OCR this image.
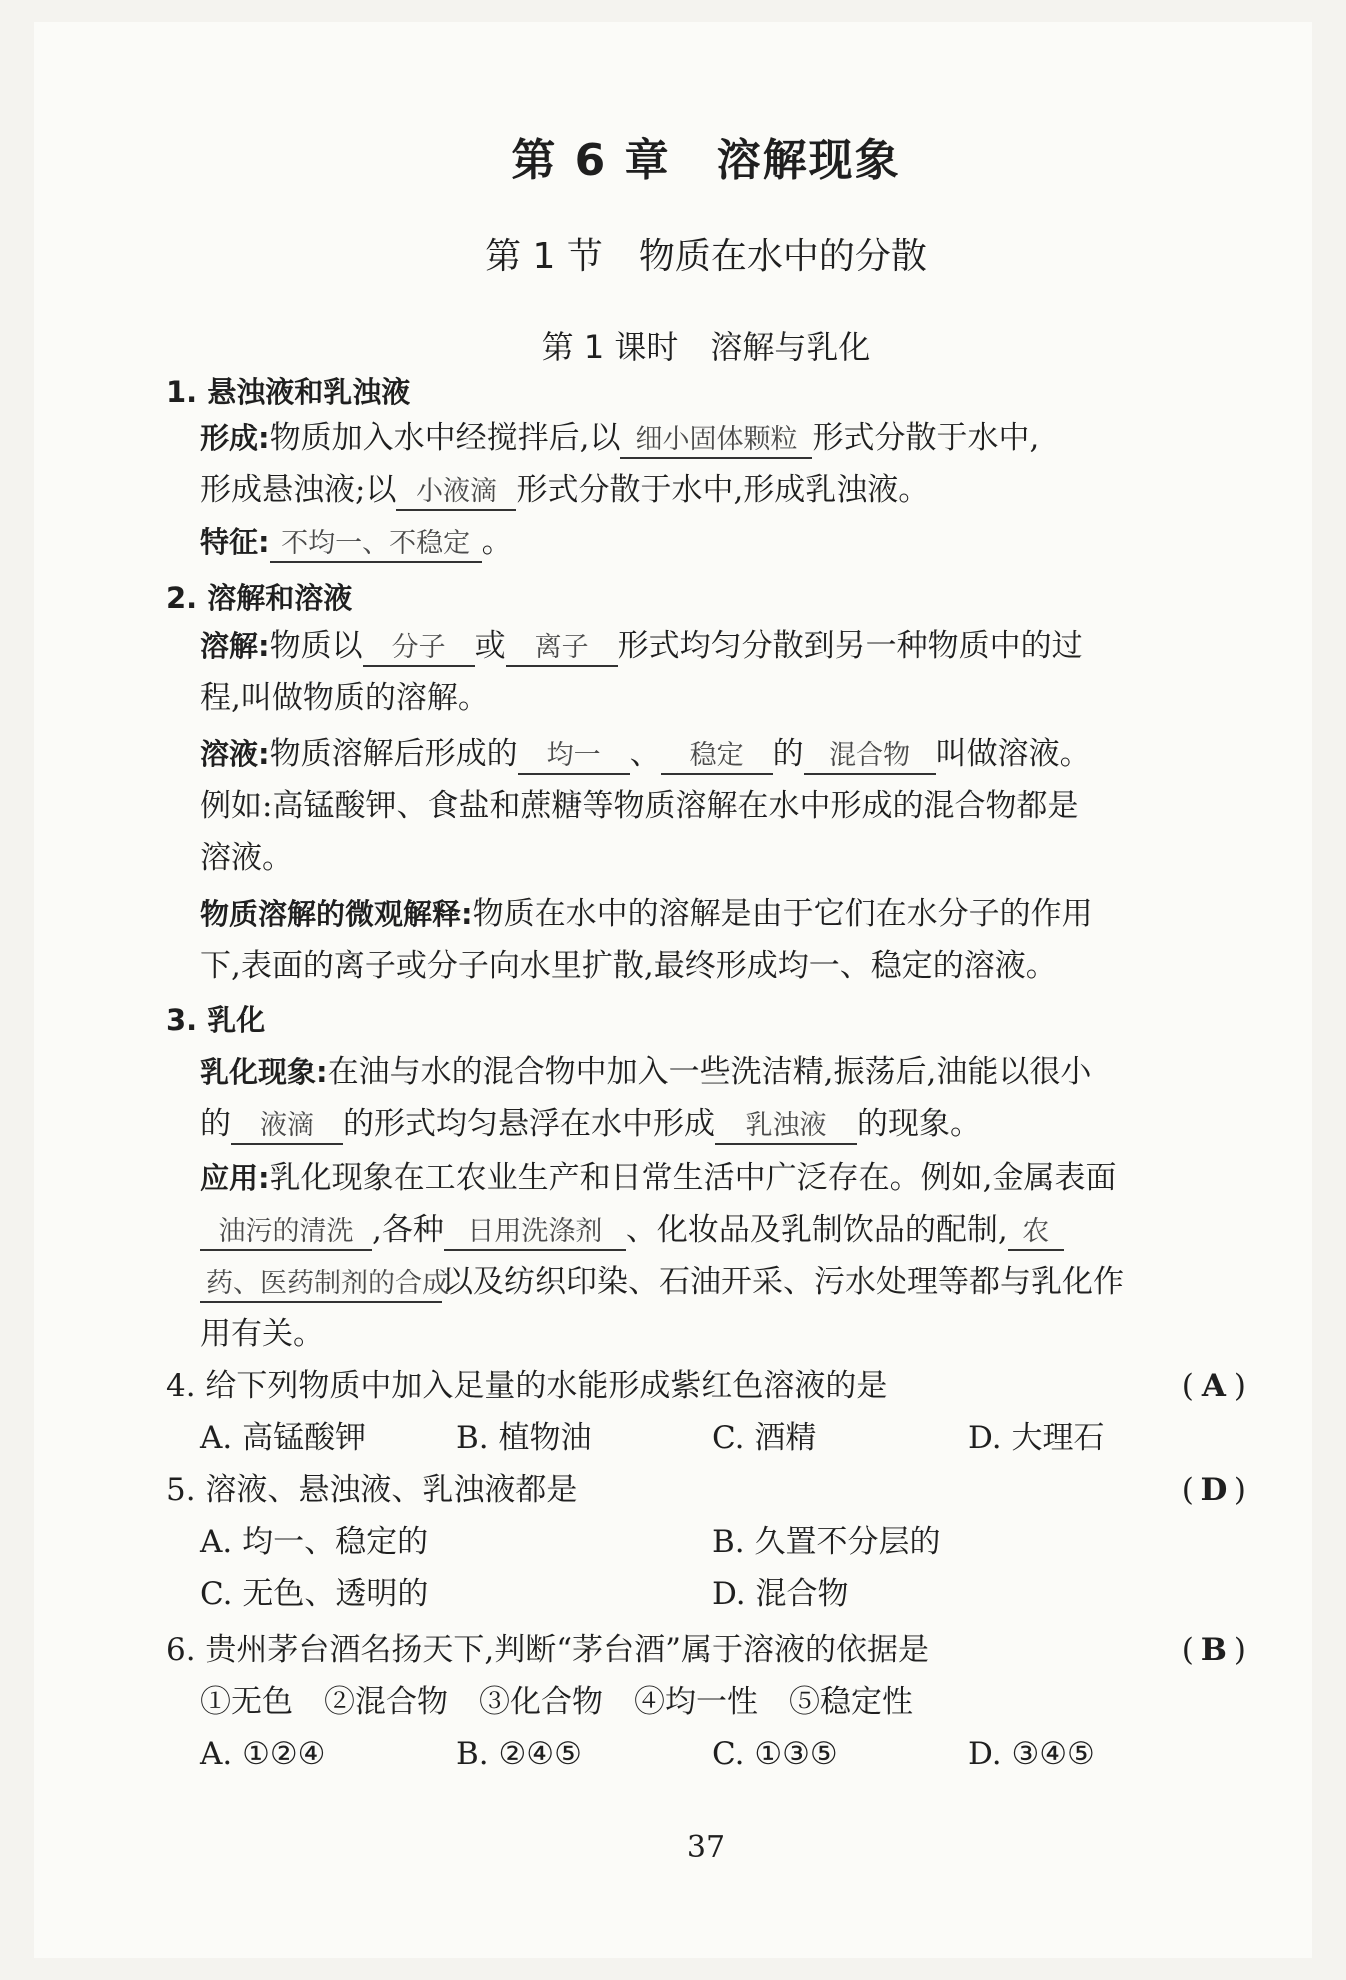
第 6 章　溶解现象
第 1 节　物质在水中的分散
第 1 课时　溶解与乳化
1. 悬浊液和乳浊液
形成:物质加入水中经搅拌后,以 细小固体颗粒 形式分散于水中,
形成悬浊液;以 小液滴 形式分散于水中,形成乳浊液。
特征: 不均一、不稳定 。
2. 溶解和溶液
溶解:物质以 分子 或 离子 形式均匀分散到另一种物质中的过
程,叫做物质的溶解。
溶液:物质溶解后形成的 均一 、 稳定 的 混合物 叫做溶液。
例如:高锰酸钾、食盐和蔗糖等物质溶解在水中形成的混合物都是
溶液。
物质溶解的微观解释:物质在水中的溶解是由于它们在水分子的作用
下,表面的离子或分子向水里扩散,最终形成均一、稳定的溶液。
3. 乳化
乳化现象:在油与水的混合物中加入一些洗洁精,振荡后,油能以很小
的 液滴 的形式均匀悬浮在水中形成 乳浊液 的现象。
应用:乳化现象在工农业生产和日常生活中广泛存在。例如,金属表面
油污的清洗 ,各种 日用洗涤剂 、化妆品及乳制饮品的配制, 农
药、医药制剂的合成以及纺织印染、石油开采、污水处理等都与乳化作
用有关。
4. 给下列物质中加入足量的水能形成紫红色溶液的是	( A )
A. 高锰酸钾	B. 植物油	C. 酒精	D. 大理石
5. 溶液、悬浊液、乳浊液都是	( D )
A. 均一、稳定的	B. 久置不分层的
C. 无色、透明的	D. 混合物
6. 贵州茅台酒名扬天下,判断“茅台酒”属于溶液的依据是	( B )
①无色　②混合物　③化合物　④均一性　⑤稳定性
A. ①②④	B. ②④⑤	C. ①③⑤	D. ③④⑤
37
